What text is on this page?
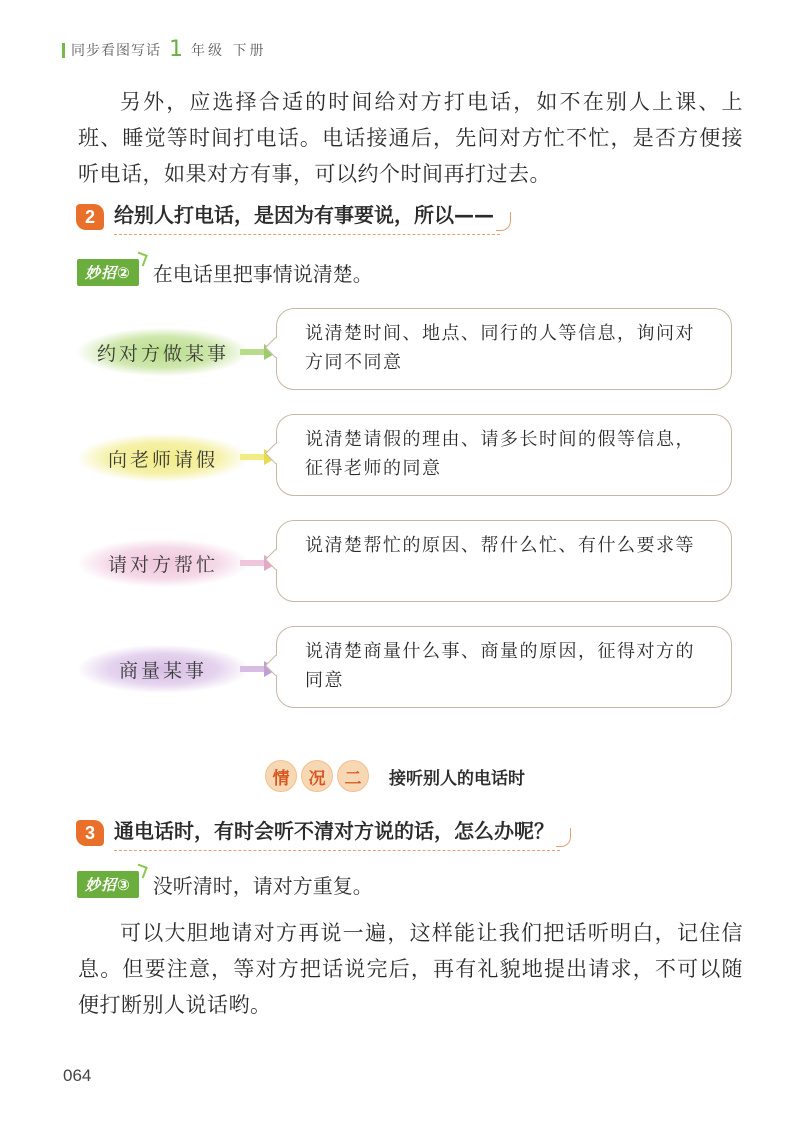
同步看图写话 1 年级 下册

另外，应选择合适的时间给对方打电话，如不在别人上课、上班、睡觉等时间打电话。电话接通后，先问对方忙不忙，是否方便接听电话，如果对方有事，可以约个时间再打过去。

2 给别人打电话，是因为有事要说，所以——
妙招②	在电话里把事情说清楚。
约对方做某事
说清楚时间、地点、同行的人等信息，询问对方同不同意
向老师请假
说清楚请假的理由、请多长时间的假等信息，征得老师的同意
请对方帮忙
说清楚帮忙的原因、帮什么忙、有什么要求等
商量某事
说清楚商量什么事、商量的原因，征得对方的同意
情	况	二	接听别人的电话时
3 通电话时，有时会听不清对方说的话，怎么办呢？
妙招③	没听清时，请对方重复。

可以大胆地请对方再说一遍，这样能让我们把话听明白，记住信息。但要注意，等对方把话说完后，再有礼貌地提出请求，不可以随便打断别人说话哟。

064
